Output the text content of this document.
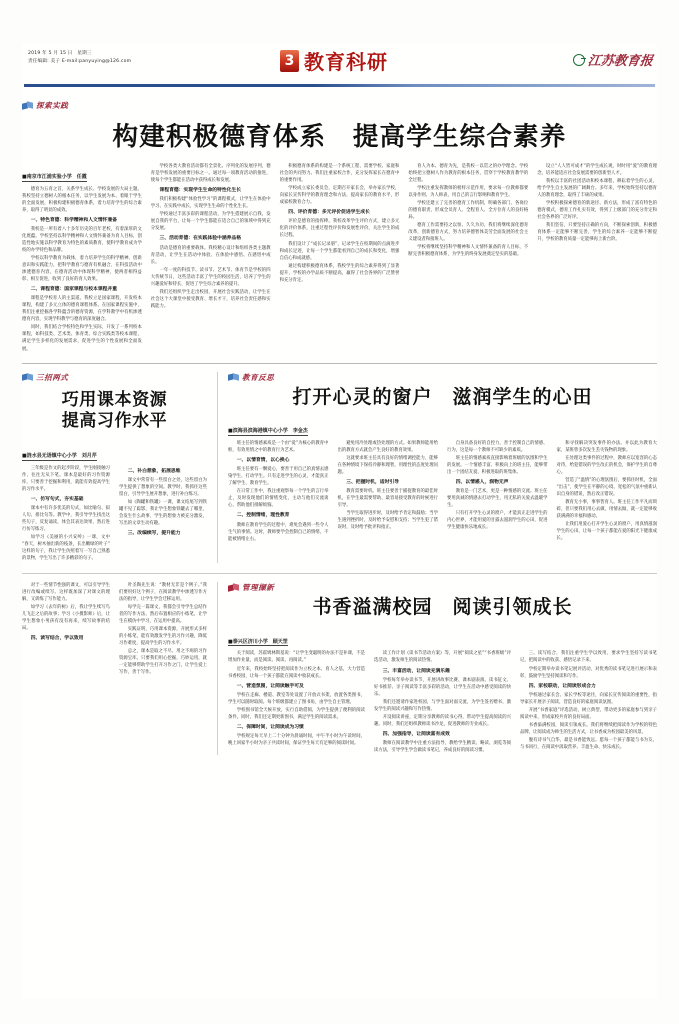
2019 年 5 月 15 日　星期三
责任编辑: 美子 E-mail:panyuying@126.com	3 教育科研	江苏教育报
探索实践
构建积极德育体系　提高学生综合素养
■南京市江浦实验小学　任霞

德育为五育之首，关系学生成长、学校发展的大局主题。我校坚持立德树人的根本任务，以学生发展为本、着眼于学生的全面发展，积极构建积极德育体系，着力培育学生的综合素养，取得了明显的成效。

一、特色育德：科学精神和人文情怀兼备

我校是一所有着八十多年历史的百年老校，有着深厚的文化底蕴。学校坚持以科学精神和人文情怀兼备为育人目标，创造性地实施以科学教育为特色的素质教育，使科学教育成为学校的办学特色和品牌。

学校以科学教育为载体，着力培养学生的科学精神、创新意识和实践能力，把科学教育与德育有机融合，在科技活动中渗透德育内容，在德育活动中体现科学精神，使两者相得益彰、相互促进，收到了良好的育人效果。

二、课程育德：国家课程与校本课程并重

课程是学校育人的主渠道。我校立足国家课程，开发校本课程，构建了多元立体的德育课程体系。在国家课程实施中，我们注重挖掘各学科蕴含的德育资源，在学科教学中有机渗透德育内容，实现学科教学与德育的深度融合。

同时，我们结合学校特色和学生实际，开发了一系列校本课程，如科技类、艺术类、体育类、综合实践类等校本课程，满足学生多样化的发展需求，促进学生的个性发展和全面发展。

学校各类大教育活动都有全景化、序列化的发展序列，德育是学校发展的重要目标之一。通过每一项教育活动的推进，使每个学生都能在活动中获得成长和发展。

课程育德：实现学生生命的特性化生长

我们积极构建“体验性学习”的课程模式，让学生在体验中学习、在实践中成长，实现学生生命的个性化生长。

学校通过丰富多彩的课程活动，为学生搭建展示自我、发展自我的平台，让每一个学生都能在适合自己的领域中得到充分发展。

三、活动育德：在实践体验中涵养品格

活动是德育的重要载体。我校精心设计和组织各类主题教育活动，让学生在活动中体验、在体验中感悟、在感悟中成长。

一年一度的科技节、读书节、艺术节、体育节是学校的四大传统节日，这些活动丰富了学生的校园生活，培养了学生的兴趣爱好和特长，促进了学生综合素养的提升。

我们还组织学生走出校园，开展社会实践活动，让学生在社会这个大课堂中接受教育、增长才干，培养社会责任感和实践能力。

积极德育体系的构建是一个系统工程，需要学校、家庭和社会的共同努力。我们注重家校合作，充分发挥家长在德育中的重要作用。

学校成立家长委员会，定期召开家长会，举办家长学校，向家长宣传科学的教育理念和方法，提高家长的教育水平，形成家校教育合力。

四、评价育德：多元评价促进学生成长

评价是德育的指挥棒。我校改革学生评价方式，建立多元化的评价体系，注重过程性评价和发展性评价，关注学生的成长过程。

我们设计了“成长记录册”，记录学生在校期间的点滴进步和成长足迹，让每一个学生都能看到自己的成长和变化，增强自信心和成就感。

通过构建积极德育体系，我校学生的综合素养得到了显著提升，学校的办学品质不断提高，赢得了社会各界的广泛赞誉和充分肯定。

育人为本、德育为先，是我校一以贯之的办学理念。学校始终把立德树人作为教育的根本任务，贯穿于学校教育教学的全过程。

学校注重发挥教师的榜样示范作用，要求每一位教师都要以身作则、为人师表，用自己的言行影响和教育学生。

学校还建立了完善的德育工作机制，明确各部门、各岗位的德育职责，形成全员育人、全程育人、全方位育人的良好格局。

德育工作需要持之以恒、久久为功。我们将继续深化德育改革，创新德育方式，努力培养德智体美劳全面发展的社会主义建设者和接班人。

学校将继续坚持科学精神和人文情怀兼备的育人目标，不断完善积极德育体系，为学生的终身发展奠定坚实的基础。

设立“人人皆可成才”的学生成长观，时时用“爱”的教育理念，培养能适应社会发展需要的创新型人才。

我校以丰富的社团活动和校本课程，耕耘着学生的心灵，给予学生自主发展的广阔舞台。多年来，学校始终坚持以德育人的教育理念，取得了丰硕的成果。

学校积极探索德育的新途径、新方法，形成了富有特色的德育模式，德育工作扎实有效，得到了上级部门的充分肯定和社会各界的广泛好评。

我们坚信，只要坚持正确的方向，不断探索创新，积极德育体系一定能够不断完善，学生的综合素养一定能够不断提升，学校的教育质量一定能够再上新台阶。

三招两式
巧用课本资源
提高习作水平
■涟水县无语镇中心小学　刘月芹

三年级是作文的起步阶段，学生刚接触习作，往往无从下笔。课本是最好的习作资源库，只要善于挖掘和利用，就能有效提高学生的习作水平。

一、仿写句式，夯实基础

课本中有许多优美的句式，如比喻句、拟人句、排比句等。教学中，我引导学生找出这些句子，反复诵读，体会其表达效果，然后进行仿写练习。

如学习《美丽的小兴安岭》一课，文中“春天，树木抽出新的枝条，长出嫩绿的叶子”这样的句子，我让学生仿照着写一写自己熟悉的景物，学生写出了许多精彩的句子。

二、补白想象，拓展思维

课文中常常有一些留白之处，这些留白为学生提供了想象的空间。教学时，我抓住这些留白，引导学生展开想象，进行补白练习。

如《陶罐和铁罐》一课，课文结尾写到铁罐不见了踪影，我让学生想象铁罐去了哪里，会发生什么故事，学生的想象力被充分激发，写出的文章生动有趣。

三、改编续写，提升能力

教育反思
打开心灵的窗户　滋润学生的心田
■滨海县滨海港镇中心小学　李金杰

班主任的情感素质是一个由“爱”为核心的教育中枢，有效用情之中的教育行为艺术。

一、以情育情，以心换心

班主任要有一颗爱心，要善于用自己的真情去感染学生、打动学生。只有走进学生的心灵，才能真正了解学生、教育学生。

在日常工作中，我注重观察每一个学生的言行举止，及时发现他们的情绪变化，主动与他们交流谈心，帮助他们排解烦恼。

二、控制情绪，理性教育

教师在教育学生的过程中，难免会遇到一些令人生气的事情。这时，教师要学会控制自己的情绪，不能被情绪左右。

避免用冷处理或热处理的方式。如果教师能用给出的教育方式就会产生良好的教育效果。

这就要求班主任具有良好的情绪调控能力，能够在各种情境下保持冷静和理智，用理性的态度处理问题。

三、把握时机，适时引导

教育需要时机。班主任要善于捕捉教育的最佳时机，在学生最需要帮助、最容易接受教育的时候进行引导。

当学生取得进步时，及时给予肯定和鼓励；当学生遇到挫折时，及时给予安慰和支持；当学生犯了错误时，及时给予批评和指正。

自身具备良好的自控力，善于控制自己的情感、行为，这是每一个教师不可缺少的素质。

班主任的情感素质直接影响着班级的氛围和学生的发展。一个情感丰富、积极向上的班主任，能够带出一个团结友爱、积极进取的班集体。

四、以情感人，润物无声

教育是一门艺术，更是一种情感的交流。班主任要用真诚的情感去打动学生，用无私的关爱去温暖学生。

只有打开学生心灵的窗户，才能真正走进学生的内心世界，才能用爱的甘露去滋润学生的心田，促进学生健康快乐地成长。

和寻找解决突发事件的办法。并以此为教育大家，某班曾多次发生丢失钱物的现象。

在处理这类事件的过程中，教师应以宽容的心态对待，给犯错误的学生改正的机会，保护学生的自尊心。

营造了“温情”的心理氛围后，要抓住时机，全面“出击”，使学生在平静的心境、宽松的气氛中重新认识自身的错误，然后改正错误。

教育无小事，事事皆育人。班主任工作平凡而琐碎，但只要我们用心去做，用情去做，就一定能够收获满满的幸福和感动。

让我们用爱心打开学生心灵的窗户，用真情滋润学生的心田，让每一个孩子都能在爱的阳光下健康成长。

对于一些情节性强的课文，可以引导学生进行改编或续写。这样既加深了对课文的理解，又训练了写作能力。

如学习《去年的树》后，我让学生续写鸟儿飞走之后的故事；学习《小摄影师》后，让学生想象小男孩有没有再来，续写故事的结局。

四、读写结合，学以致用

叶圣陶先生说：“教材无非是个例子。”我们要用好这个例子，在阅读教学中渗透写作方法的指导，让学生学会迁移运用。

每学完一篇课文，我都会引导学生总结作者的写作方法，然后布置相应的小练笔，让学生在模仿中学习，在运用中提高。

实践证明，巧用课本资源，开展形式多样的小练笔，能有效激发学生的习作兴趣，降低习作难度，提高学生的习作水平。

总之，课本是取之不尽、用之不竭的习作资源宝库。只要我们用心挖掘，巧妙运用，就一定能够帮助学生打开习作之门，让学生爱上写作，善于写作。

管理撷新
书香溢满校园　阅读引领成长
■泰兴区济川小学　顾天罡

关于阅读，苏霍姆林斯基说：“让学生变聪明的办法不是补课，不是增加作业量，而是阅读、阅读、再阅读。”

近年来，我校始终坚持把阅读作为立校之本、育人之基，大力营造书香校园，让每一个孩子都能在阅读中收获成长。

一、营造氛围，让阅读触手可及

学校在走廊、楼道、教室等处设置了开放式书架，放置各类图书，学生可以随时取阅。每个班级都建立了图书角，由学生自主管理。

学校图书馆全天候开放，实行自助借阅，为学生提供了便利的阅读条件。同时，我们还定期更新图书，满足学生的阅读需求。

二、保障时间，让阅读成为习惯

学校规定每天早上二十分钟为晨诵时间，中午半小时为午读时间，晚上回家半小时为亲子共读时间，保证学生每天有足够的阅读时间。

读工作计划《读书节活动方案》等，开展“阅读之星”“书香班级”评选活动，激发师生的阅读热情。

三、丰富活动，让阅读充满乐趣

学校每年举办读书节，开展讲故事比赛、课本剧表演、读书征文、好书推荐、亲子阅读等丰富多彩的活动，让学生在活动中感受阅读的快乐。

我们还邀请作家进校园，与学生面对面交流，为学生签名赠书，激发学生的阅读兴趣和写作热情。

开设阅读讲座，定期分享教师的读书心得，带动学生提高阅读的兴趣。同时，我们还组织教师读书沙龙，促进教师的专业成长。

四、加强指导，让阅读富有成效

教师在阅读教学中注重方法指导，教给学生精读、略读、浏览等阅读方法，引导学生学会做读书笔记，养成良好的阅读习惯。

三、读写结合，我们注重学生学以致用，要求学生坚持写读书笔记，把阅读中的收获、感悟记录下来。

学校定期举办读书笔记展评活动，对优秀的读书笔记进行展示和表彰，鼓励学生坚持阅读和写作。

四、家校联动，让阅读形成合力

学校通过家长会、家长学校等途径，向家长宣传阅读的重要性，指导家长开展亲子阅读，营造良好的家庭阅读氛围。

开展“书香家庭”评选活动，树立典型，带动更多的家庭参与到亲子阅读中来，形成家校共育的良好局面。

书香溢满校园，阅读引领成长。我们将继续把阅读作为学校的特色品牌，让阅读成为师生的生活方式，让书香成为校园最美的风景。

腹有诗书气自华，最是书香能致远。愿每一个孩子都能与书为友、与书同行，在阅读中汲取营养、丰盈生命、快乐成长。
